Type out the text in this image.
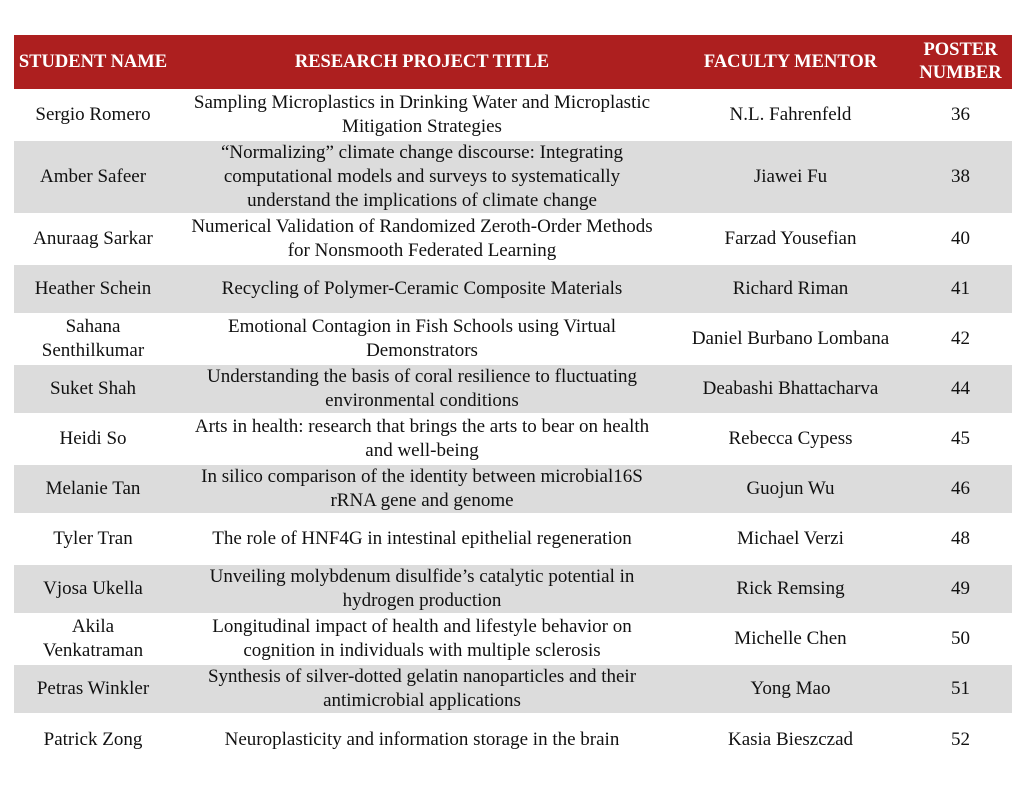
STUDENT NAME	RESEARCH PROJECT TITLE	FACULTY MENTOR	POSTER NUMBER
Sergio Romero	Sampling Microplastics in Drinking Water and Microplastic Mitigation Strategies	N.L. Fahrenfeld	36
Amber Safeer	“Normalizing” climate change discourse: Integrating computational models and surveys to systematically understand the implications of climate change	Jiawei Fu	38
Anuraag Sarkar	Numerical Validation of Randomized Zeroth-Order Methods for Nonsmooth Federated Learning	Farzad Yousefian	40
Heather Schein	Recycling of Polymer-Ceramic Composite Materials	Richard Riman	41
Sahana Senthilkumar	Emotional Contagion in Fish Schools using Virtual Demonstrators	Daniel Burbano Lombana	42
Suket Shah	Understanding the basis of coral resilience to fluctuating environmental conditions	Deabashi Bhattacharva	44
Heidi So	Arts in health: research that brings the arts to bear on health and well-being	Rebecca Cypess	45
Melanie Tan	In silico comparison of the identity between microbial16S rRNA gene and genome	Guojun Wu	46
Tyler Tran	The role of HNF4G in intestinal epithelial regeneration	Michael Verzi	48
Vjosa Ukella	Unveiling molybdenum disulfide’s catalytic potential in hydrogen production	Rick Remsing	49
Akila Venkatraman	Longitudinal impact of health and lifestyle behavior on cognition in individuals with multiple sclerosis	Michelle Chen	50
Petras Winkler	Synthesis of silver-dotted gelatin nanoparticles and their antimicrobial applications	Yong Mao	51
Patrick Zong	Neuroplasticity and information storage in the brain	Kasia Bieszczad	52
